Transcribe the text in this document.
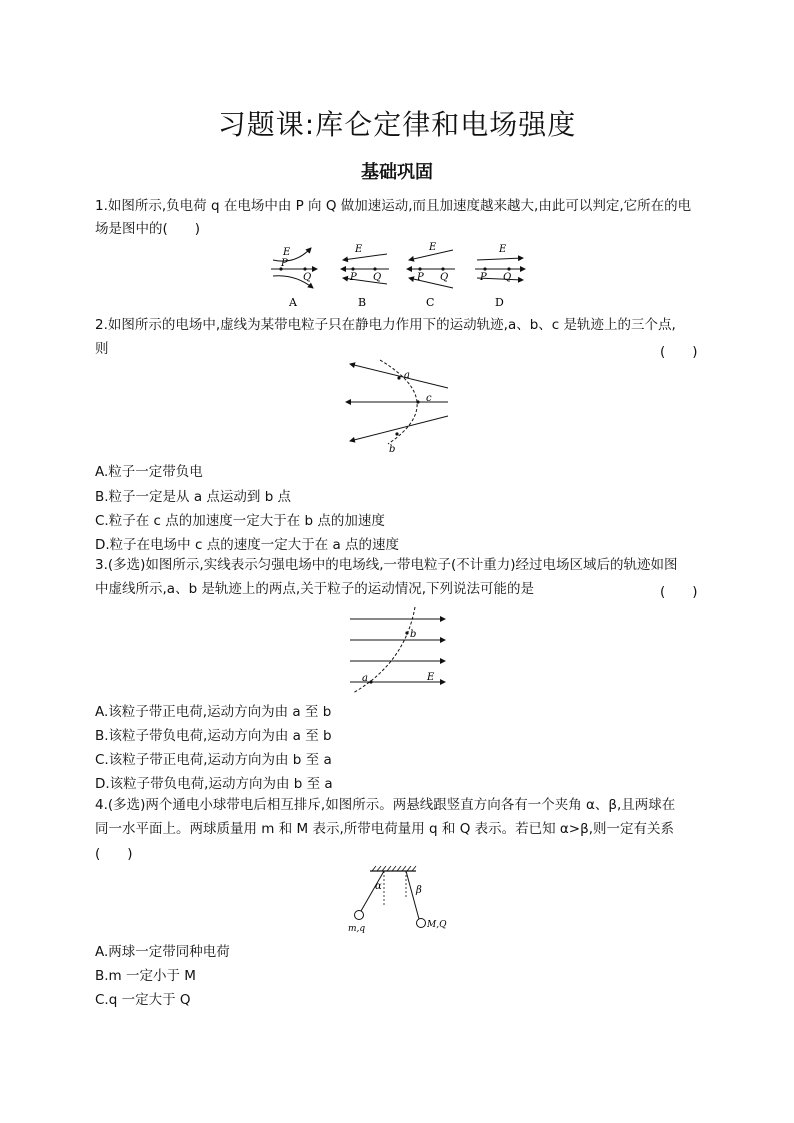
习题课:库仑定律和电场强度
基础巩固
1.如图所示,负电荷 q 在电场中由 P 向 Q 做加速运动,而且加速度越来越大,由此可以判定,它所在的电
场是图中的(　　)
E
P
Q
A
E
P Q
B
E
P Q
C
E
P Q
D
2.如图所示的电场中,虚线为某带电粒子只在静电力作用下的运动轨迹,a、b、c 是轨迹上的三个点,
则	(　　)
a
c
b
A.粒子一定带负电
B.粒子一定是从 a 点运动到 b 点
C.粒子在 c 点的加速度一定大于在 b 点的加速度
D.粒子在电场中 c 点的速度一定大于在 a 点的速度
3.(多选)如图所示,实线表示匀强电场中的电场线,一带电粒子(不计重力)经过电场区域后的轨迹如图
中虚线所示,a、b 是轨迹上的两点,关于粒子的运动情况,下列说法可能的是	(　　)
b
a	E
A.该粒子带正电荷,运动方向为由 a 至 b
B.该粒子带负电荷,运动方向为由 a 至 b
C.该粒子带正电荷,运动方向为由 b 至 a
D.该粒子带负电荷,运动方向为由 b 至 a
4.(多选)两个通电小球带电后相互排斥,如图所示。两悬线跟竖直方向各有一个夹角 α、β,且两球在
同一水平面上。两球质量用 m 和 M 表示,所带电荷量用 q 和 Q 表示。若已知 α>β,则一定有关系
(　　)
α	β
m,q	M,Q
A.两球一定带同种电荷
B.m 一定小于 M
C.q 一定大于 Q
